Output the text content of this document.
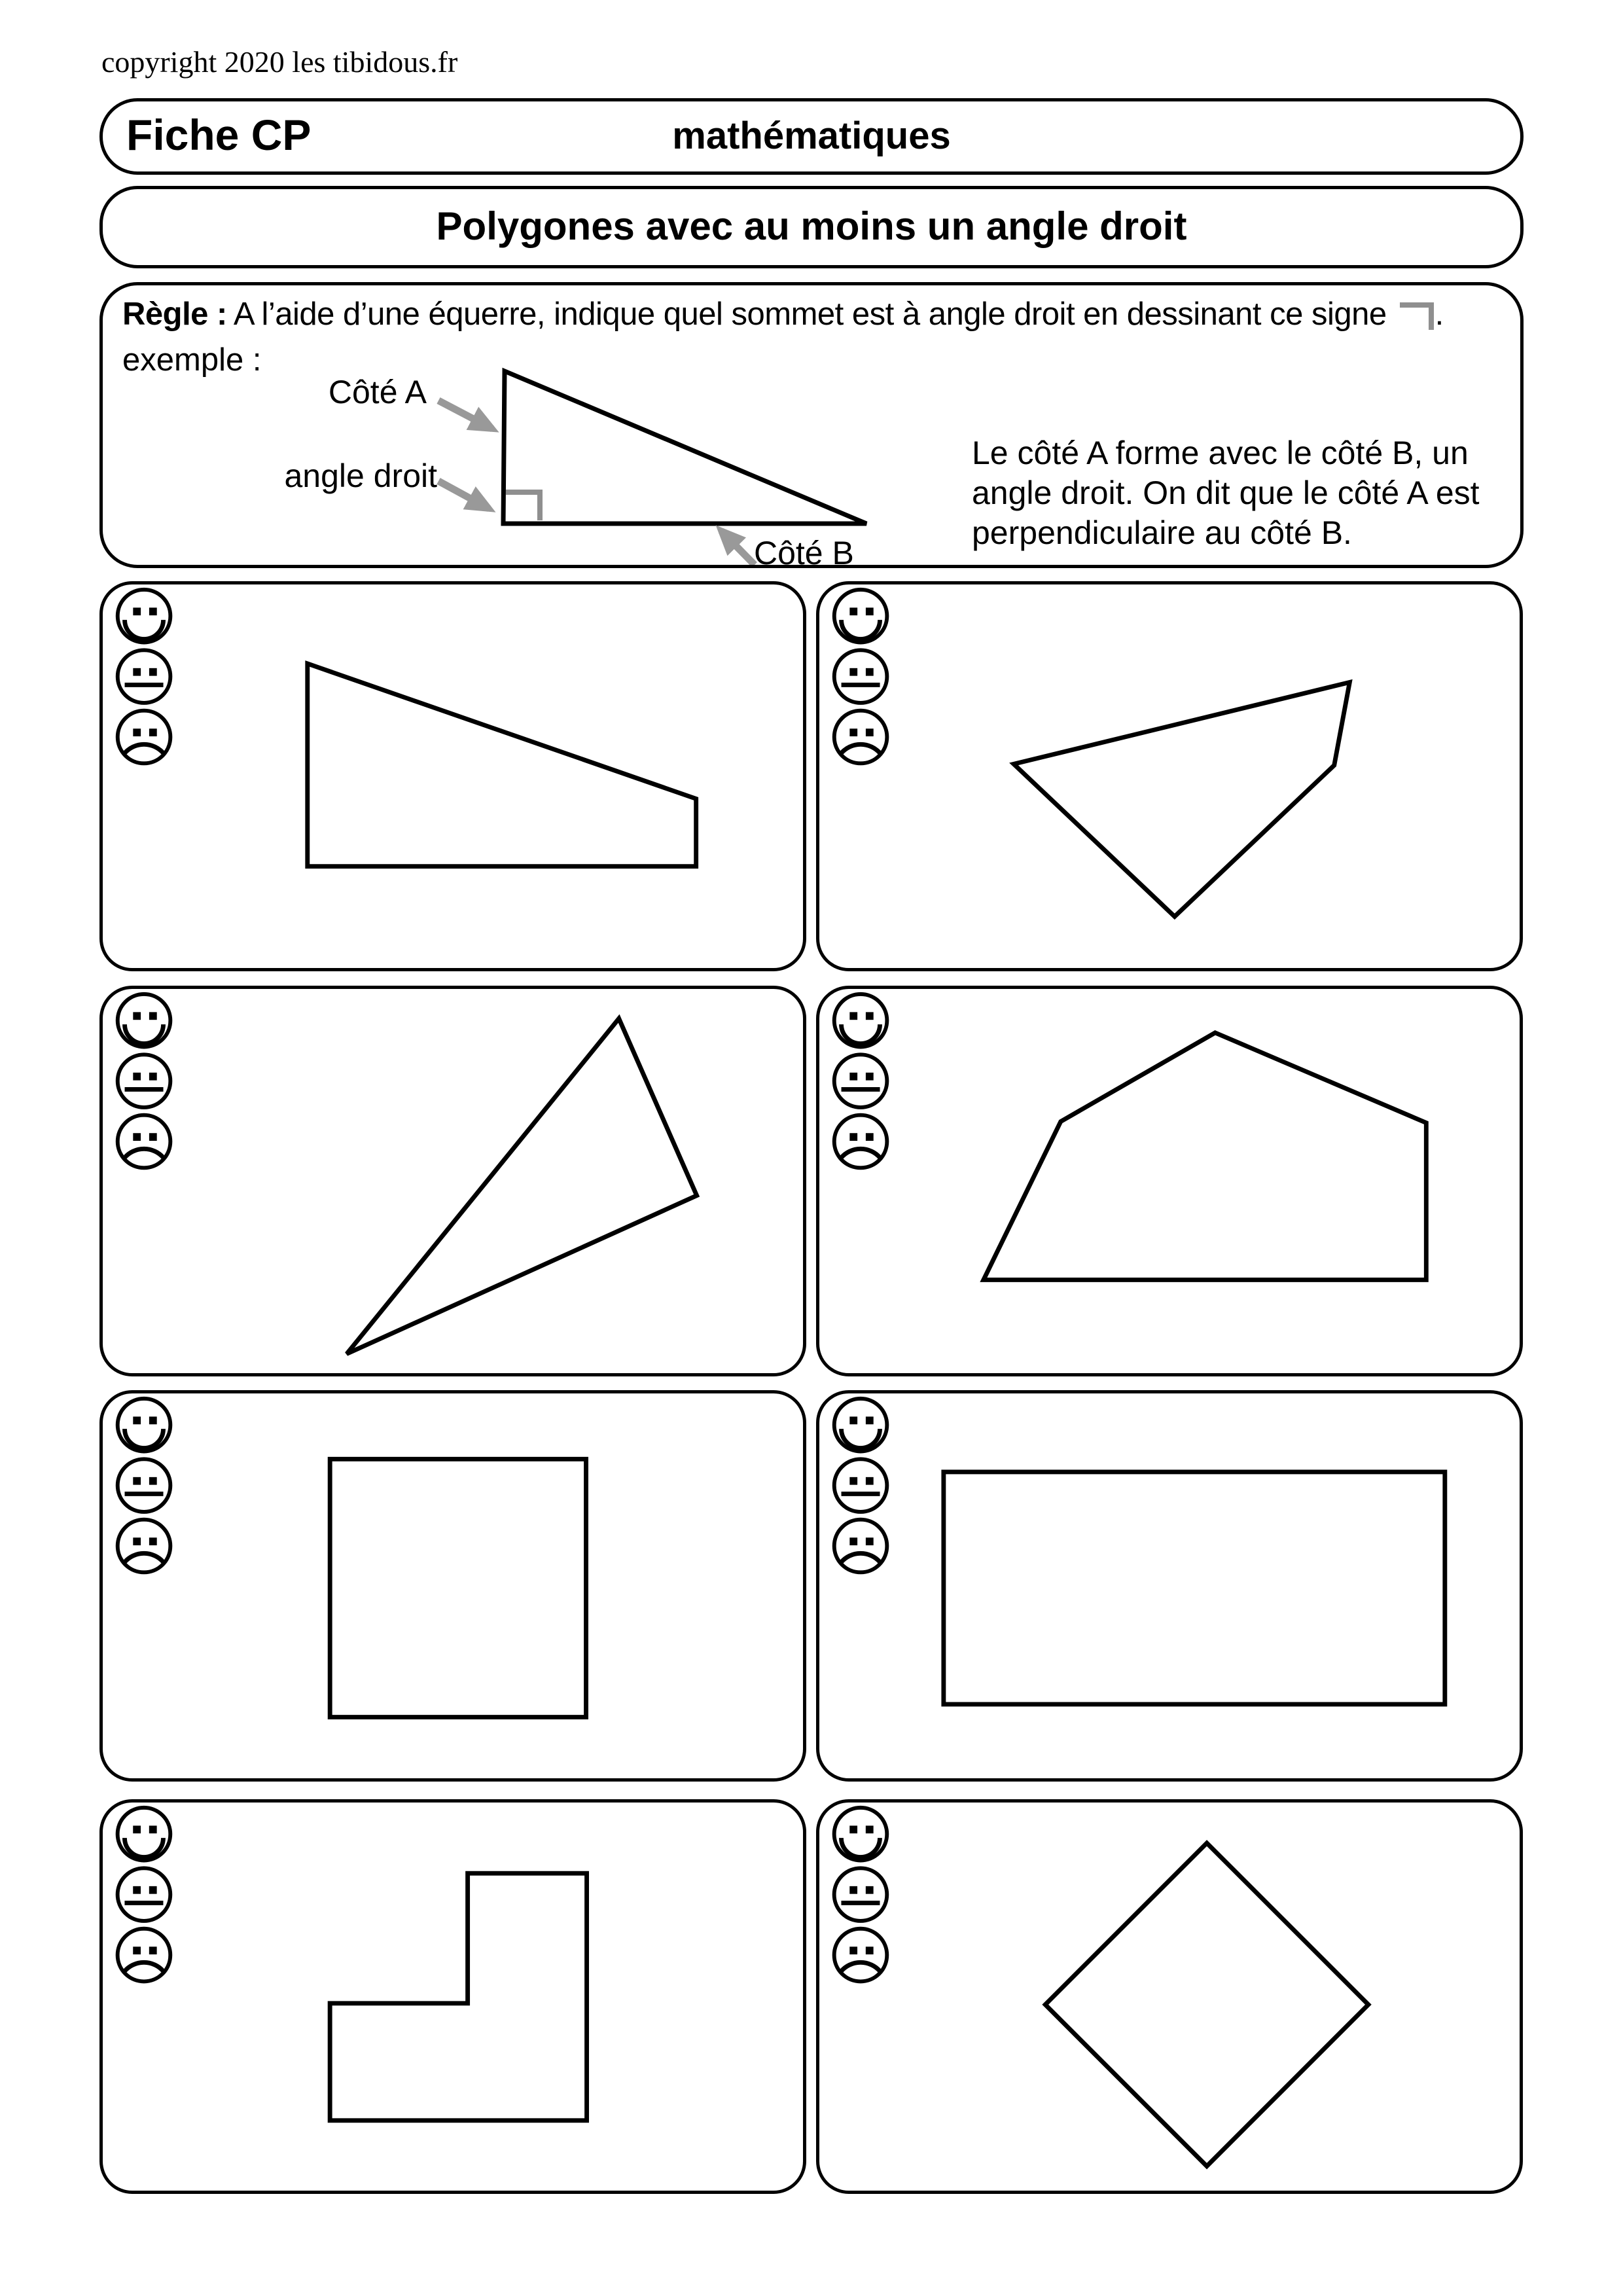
copyright 2020 les tibidous.fr
Fiche CP	mathématiques
Polygones avec au moins un angle droit
Règle : A l’aide d’une équerre, indique quel sommet est à angle droit en dessinant ce signe .
exemple :
Côté A
angle droit
Côté B
Le côté A forme avec le côté B, un
angle droit. On dit que le côté A est
perpendiculaire au côté B.
